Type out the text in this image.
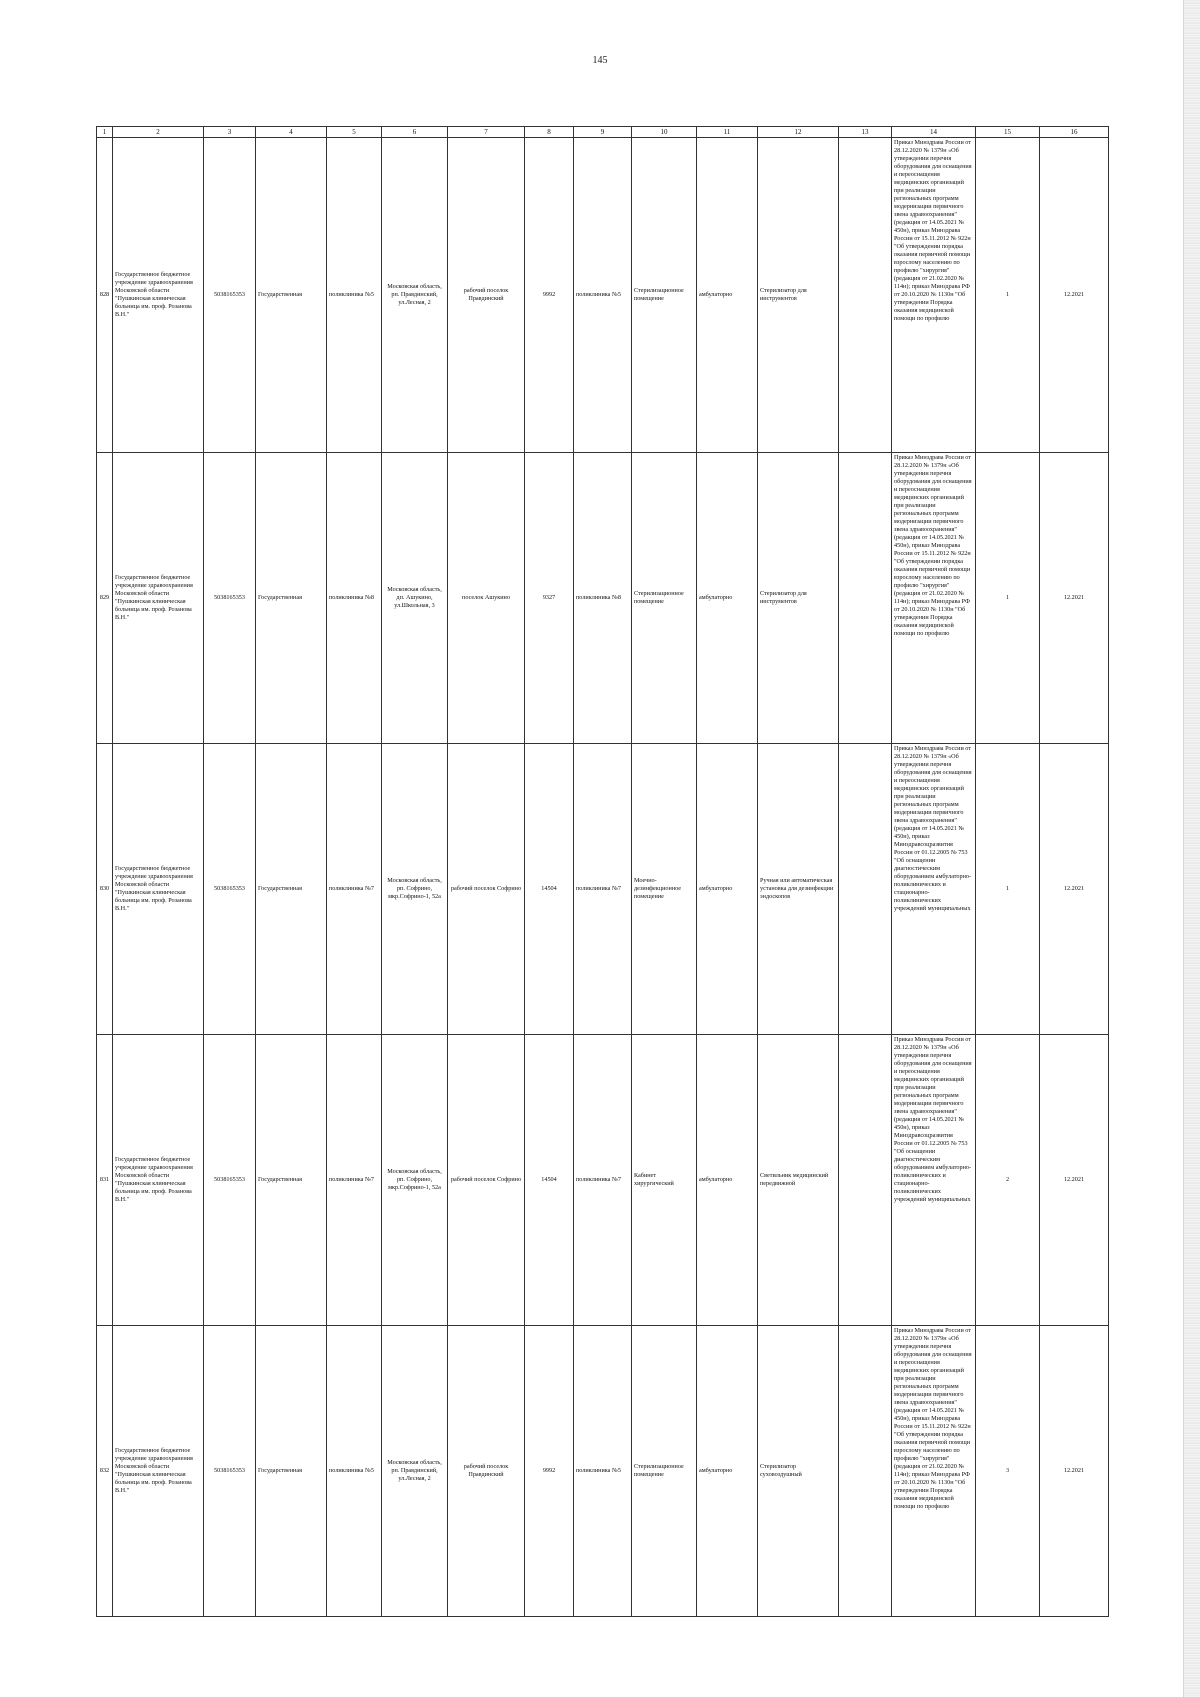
145
1	2	3	4	5	6	7	8	9	10	11	12	13	14	15	16
828	Государственное бюджетное учреждение здравоохранения Московской области "Пушкинская клиническая больница им. проф. Розанова В.Н."	5038165353	Государственная	поликлиника №5	Московская область, рп. Правдинский, ул.Лесная, 2	рабочий поселок Правдинский	9992	поликлиника №5	Стерилизационное помещение	амбулаторно	Стерилизатор для инструментов		Приказ Минздрава России от 28.12.2020 № 1379н «Об утверждении перечня оборудования для оснащения и переоснащения медицинских организаций при реализации региональных программ модернизации первичного звена здравоохранения"(редакция от 14.05.2021 № 450н), приказ Минздрава России от 15.11.2012 № 922н "Об утверждении порядка оказания первичной помощи взрослому населению по профилю "хирургия" (редакция от 21.02.2020 № 114н); приказ Минздрава РФ от 20.10.2020 № 1130н "Об утверждении Порядка оказания медицинской помощи по профилю	1	12.2021
829	Государственное бюджетное учреждение здравоохранения Московской области "Пушкинская клиническая больница им. проф. Розанова В.Н."	5038165353	Государственная	поликлиника №8	Московская область, дп. Ашукино, ул.Школьная, 3	поселок Ашукино	9327	поликлиника №8	Стерилизационное помещение	амбулаторно	Стерилизатор для инструментов		Приказ Минздрава России от 28.12.2020 № 1379н «Об утверждении перечня оборудования для оснащения и переоснащения медицинских организаций при реализации региональных программ модернизации первичного звена здравоохранения"(редакция от 14.05.2021 № 450н), приказ Минздрава России от 15.11.2012 № 922н "Об утверждении порядка оказания первичной помощи взрослому населению по профилю "хирургия" (редакция от 21.02.2020 № 114н); приказ Минздрава РФ от 20.10.2020 № 1130н "Об утверждении Порядка оказания медицинской помощи по профилю	1	12.2021
830	Государственное бюджетное учреждение здравоохранения Московской области "Пушкинская клиническая больница им. проф. Розанова В.Н."	5038165353	Государственная	поликлиника №7	Московская область, рп. Софрино, мкр.Софрино-1, 52а	рабочий поселок Софрино	14504	поликлиника №7	Моечно-дезинфекционное помещение	амбулаторно	Ручная или автоматическая установка для дезинфекции эндоскопов		Приказ Минздрава России от 28.12.2020 № 1379н «Об утверждении перечня оборудования для оснащения и переоснащения медицинских организаций при реализации региональных программ модернизации первичного звена здравоохранения"(редакция от 14.05.2021 № 450н), приказ Минздравсоцразвития России от 01.12.2005 № 753 "Об оснащении диагностическим оборудованием амбулаторно-поликлинических и стационарно-поликлинических учреждений муниципальных	1	12.2021
831	Государственное бюджетное учреждение здравоохранения Московской области "Пушкинская клиническая больница им. проф. Розанова В.Н."	5038165353	Государственная	поликлиника №7	Московская область, рп. Софрино, мкр.Софрино-1, 52а	рабочий поселок Софрино	14504	поликлиника №7	Кабинет хирургический	амбулаторно	Светильник медицинский передвижной		Приказ Минздрава России от 28.12.2020 № 1379н «Об утверждении перечня оборудования для оснащения и переоснащения медицинских организаций при реализации региональных программ модернизации первичного звена здравоохранения"(редакция от 14.05.2021 № 450н), приказ Минздравсоцразвития России от 01.12.2005 № 753 "Об оснащении диагностическим оборудованием амбулаторно-поликлинических и стационарно-поликлинических учреждений муниципальных	2	12.2021
832	Государственное бюджетное учреждение здравоохранения Московской области "Пушкинская клиническая больница им. проф. Розанова В.Н."	5038165353	Государственная	поликлиника №5	Московская область, рп. Правдинский, ул.Лесная, 2	рабочий поселок Правдинский	9992	поликлиника №5	Стерилизационное помещение	амбулаторно	Стерилизатор суховоздушный		Приказ Минздрава России от 28.12.2020 № 1379н «Об утверждении перечня оборудования для оснащения и переоснащения медицинских организаций при реализации региональных программ модернизации первичного звена здравоохранения"(редакция от 14.05.2021 № 450н), приказ Минздрава России от 15.11.2012 № 922н "Об утверждении порядка оказания первичной помощи взрослому населению по профилю "хирургия" (редакция от 21.02.2020 № 114н); приказ Минздрава РФ от 20.10.2020 № 1130н "Об утверждении Порядка оказания медицинской помощи по профилю	3	12.2021
